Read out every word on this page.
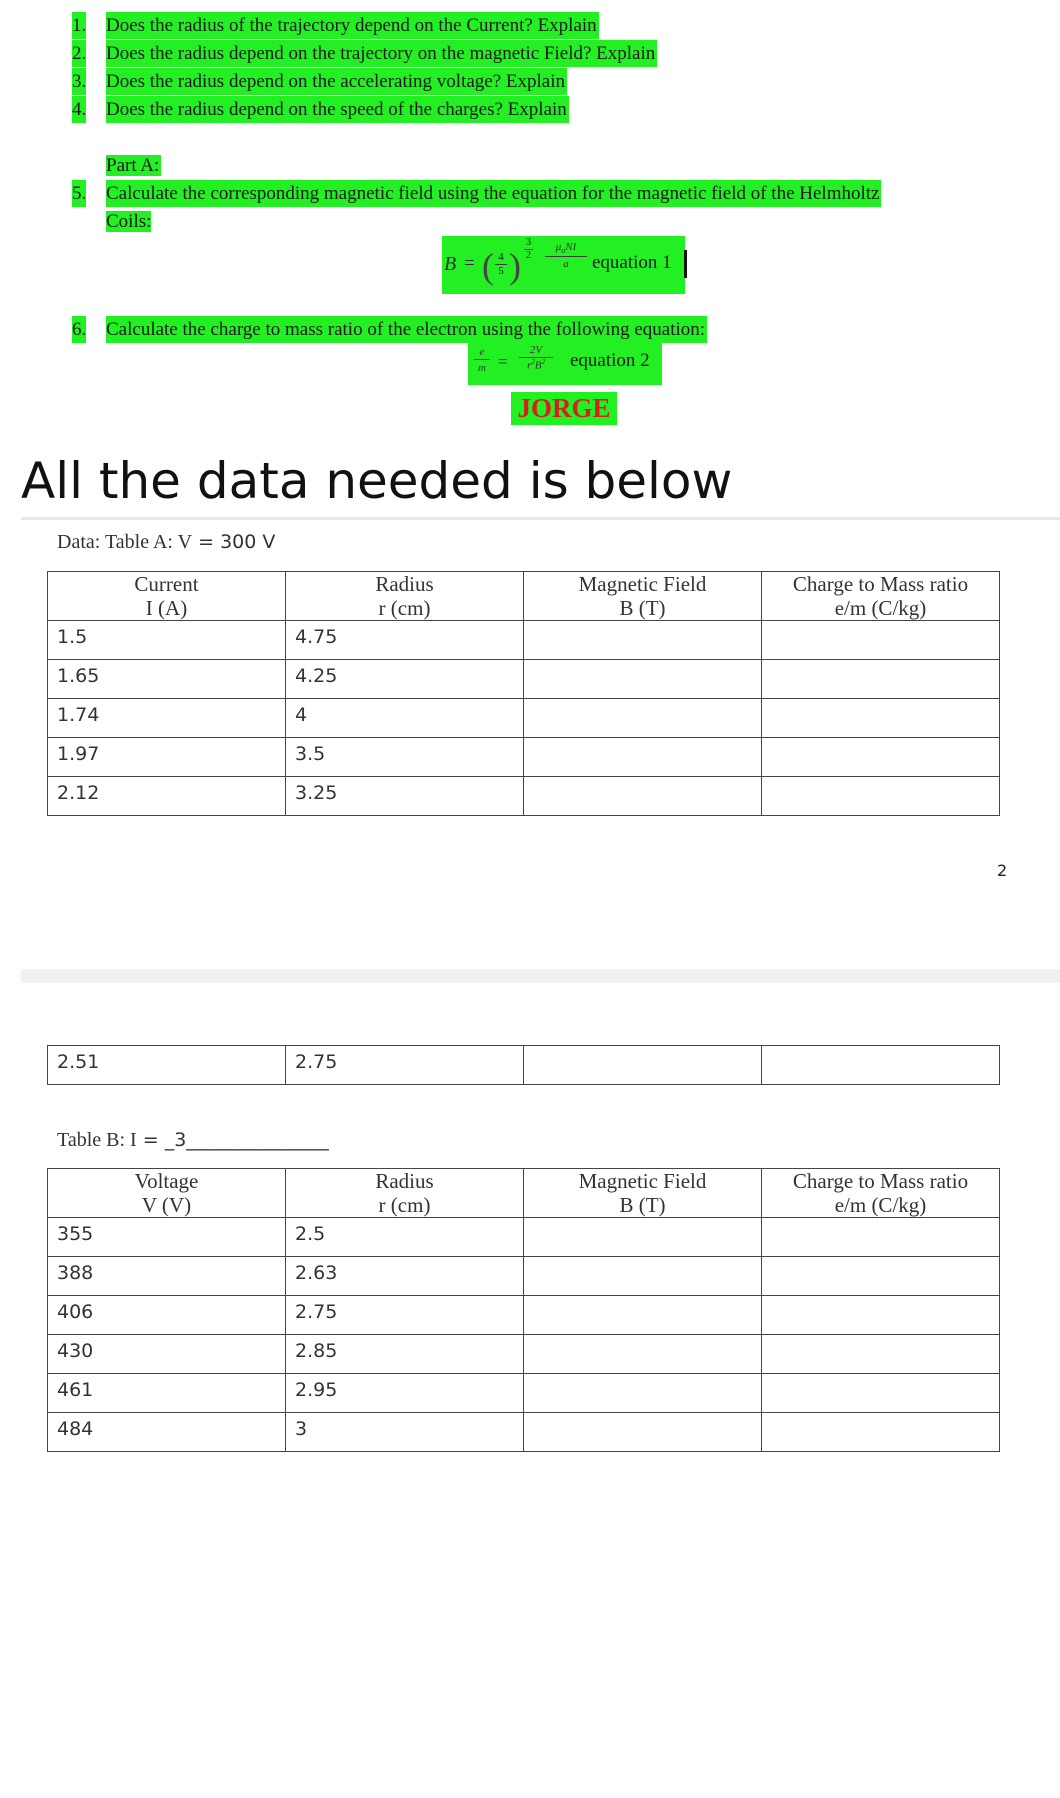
1. Does the radius of the trajectory depend on the Current? Explain
2. Does the radius depend on the trajectory on the magnetic Field? Explain
3. Does the radius depend on the accelerating voltage? Explain
4. Does the radius depend on the speed of the charges? Explain
Part A:
5. Calculate the corresponding magnetic field using the equation for the magnetic field of the Helmholtz
Coils:
B = ( 4
5 )
3
2
$\mu_oNI$
a	equation 1
6. Calculate the charge to mass ratio of the electron using the following equation:
e
m =
2V
$r^2B^2$	equation 2
JORGE
All the data needed is below
Data: Table A: V = 300 V
Current
I (A)	Radius
r (cm)	Magnetic Field
B (T)	Charge to Mass ratio
e/m (C/kg)
1.5	4.75		
1.65	4.25		
1.74	4		
1.97	3.5		
2.12	3.25		
2
2.51	2.75		
Table B: I = _3_______________
Voltage
V (V)	Radius
r (cm)	Magnetic Field
B (T)	Charge to Mass ratio
e/m (C/kg)
355	2.5		
388	2.63		
406	2.75		
430	2.85		
461	2.95		
484	3		
